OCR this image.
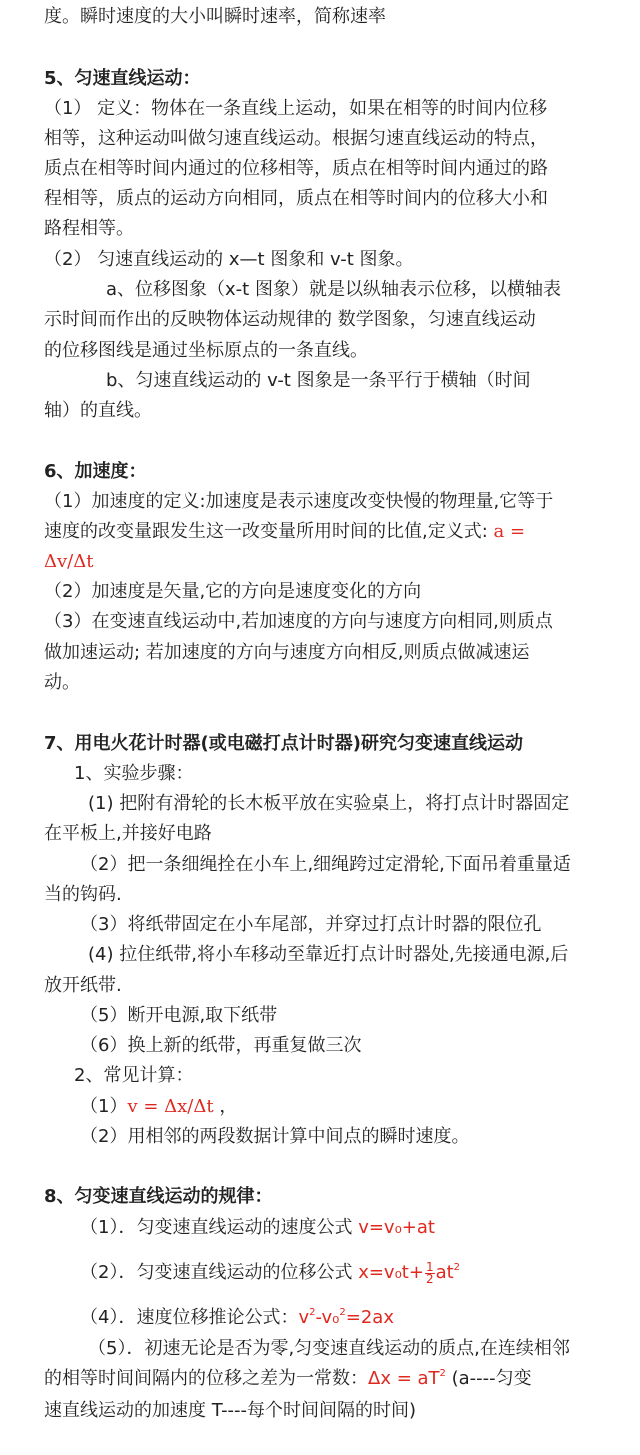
度。瞬时速度的大小叫瞬时速率，简称速率
5、匀速直线运动：
（1） 定义：物体在一条直线上运动，如果在相等的时间内位移
相等，这种运动叫做匀速直线运动。根据匀速直线运动的特点，
质点在相等时间内通过的位移相等，质点在相等时间内通过的路
程相等，质点的运动方向相同，质点在相等时间内的位移大小和
路程相等。
（2） 匀速直线运动的 x—t 图象和 v-t 图象。
a、位移图象（x-t 图象）就是以纵轴表示位移，以横轴表
示时间而作出的反映物体运动规律的 数学图象，匀速直线运动
的位移图线是通过坐标原点的一条直线。
b、匀速直线运动的 v-t 图象是一条平行于横轴（时间
轴）的直线。
6、加速度：
（1）加速度的定义:加速度是表示速度改变快慢的物理量,它等于
速度的改变量跟发生这一改变量所用时间的比值,定义式: a =
Δv/Δt
（2）加速度是矢量,它的方向是速度变化的方向
（3）在变速直线运动中,若加速度的方向与速度方向相同,则质点
做加速运动; 若加速度的方向与速度方向相反,则质点做减速运
动。
7、用电火花计时器(或电磁打点计时器)研究匀变速直线运动
1、实验步骤：
(1) 把附有滑轮的长木板平放在实验桌上，将打点计时器固定
在平板上,并接好电路
（2）把一条细绳拴在小车上,细绳跨过定滑轮,下面吊着重量适
当的钩码.
（3）将纸带固定在小车尾部，并穿过打点计时器的限位孔
(4) 拉住纸带,将小车移动至靠近打点计时器处,先接通电源,后
放开纸带.
（5）断开电源,取下纸带
（6）换上新的纸带，再重复做三次
2、常见计算：
（1）v = Δx/Δt ，
（2）用相邻的两段数据计算中间点的瞬时速度。
8、匀变速直线运动的规律：
（1）．匀变速直线运动的速度公式 v=v₀+at
（2）．匀变速直线运动的位移公式 $x=v_0t+ \frac{1}{2} at^2$
（4）．速度位移推论公式：$v^2-v_0^2=2ax$
（5）．初速无论是否为零,匀变速直线运动的质点,在连续相邻
的相等时间间隔内的位移之差为一常数：$\Delta x = aT^2$ (a----匀变
速直线运动的加速度 T----每个时间间隔的时间)
